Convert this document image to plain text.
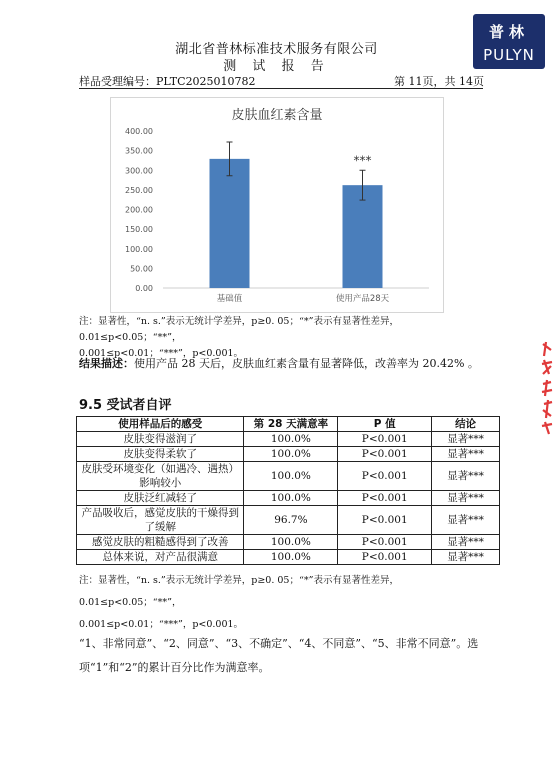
湖北省普林标准技术服务有限公司
测 试 报 告
普林
PULYN
样品受理编号：PLTC2025010782	第 11页，共 14页
皮肤血红素含量
0.00
50.00
100.00
150.00
200.00
250.00
300.00
350.00
400.00
基础值	使用产品28天
***
注：显著性，“n. s.”表示无统计学差异，p≥0. 05；“*”表示有显著性差异，0.01≤p<0.05；“**”，
0.001≤p<0.01；“***”，p<0.001。
结果描述：使用产品 28 天后，皮肤血红素含量有显著降低，改善率为 20.42% 。
9.5 受试者自评
使用样品后的感受	第 28 天满意率	P 值	结论
皮肤变得滋润了	100.0%	P<0.001	显著***
皮肤变得柔软了	100.0%	P<0.001	显著***
皮肤受环境变化（如遇冷、遇热）影响较小	100.0%	P<0.001	显著***
皮肤泛红减轻了	100.0%	P<0.001	显著***
产品吸收后，感觉皮肤的干燥得到了缓解	96.7%	P<0.001	显著***
感觉皮肤的粗糙感得到了改善	100.0%	P<0.001	显著***
总体来说，对产品很满意	100.0%	P<0.001	显著***
注：显著性，“n. s.”表示无统计学差异，p≥0. 05；“*”表示有显著性差异，0.01≤p<0.05；“**”，
0.001≤p<0.01；“***”，p<0.001。
“1、非常同意”、“2、同意”、“3、不确定”、“4、不同意”、“5、非常不同意”。选项“1”和“2”的累计百分比作为满意率。
